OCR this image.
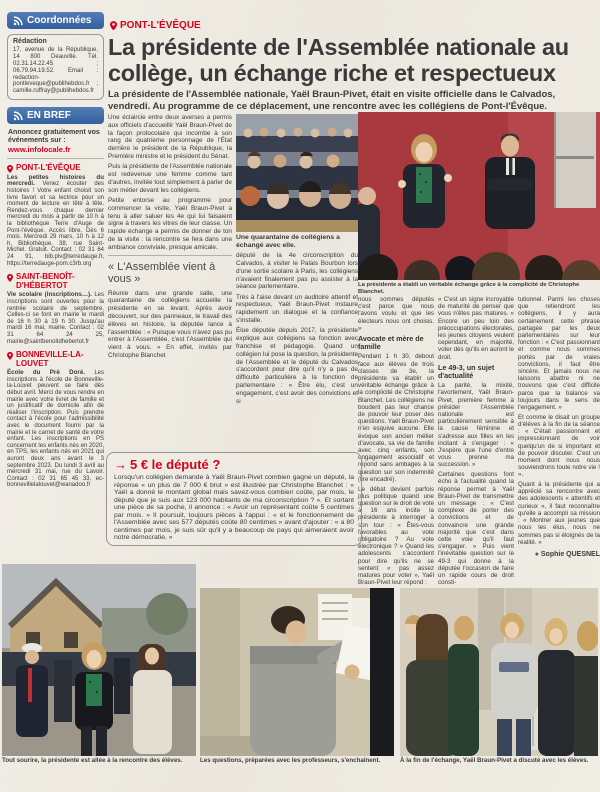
Coordonnées
Rédaction
17, avenue de la République, 14 800 Deauville. Tél. 02.31.14.22.45 ; 06.79.94.19.52. Email : redaction-pontleveque@publihebdos.fr ; camille.ruffray@publihebdos.fr
EN BREF
Annoncez gratuitement vos événements sur :
www.infolocale.fr
PONT-L'ÉVÊQUE

Les petites histoires du mercredi. Venez écouter des histoires ! Votre enfant choisit son livre favori et sa lectrice pour un moment de lecture en tête à tête. Rendez-vous chaque dernier mercredi du mois à partir de 10 h à la bibliothèque Terre d'Auge de Pont-l'évêque. Accès libre. Dès 6 mois. Mercredi 29 mars, 10 h à 12 h, Bibliothèque, 38, rue Saint-Michel. Gratuit. Contact : 02 31 64 24 91, bib.plv@terredauge.fr, https://terredauge-pom.c3rb.org

SAINT-BENOÎT-D'HÉBERTOT

Vie scolaire (inscriptions…). Les inscriptions sont ouvertes pour la rentrée scolaire de septembre. Celles-ci se font en mairie le mardi de 16 h 30 à 19 h 30. Jusqu'au mardi 16 mai, mairie. Contact : 02 31 64 24 25, mairie@saintbenoitdhebertot.fr

BONNEVILLE-LA-LOUVET

École du Pré Doré. Les inscriptions à l'école de Bonneville-la-Louvet peuvent se faire dès début avril. Merci de vous rendre en mairie avec votre livret de famille et un justificatif de domicile afin de réaliser l'inscription. Puis prendre contact à l'école pour l'admissibilité avec le document fourni par la mairie et le carnet de santé de votre enfant. Les inscriptions en PS concernent les enfants nés en 2020, en TPS, les enfants nés en 2021 qui auront deux ans avant le 3 septembre 2023. Du lundi 3 avril au mercredi 31 mai, rue du Lavoir. Contact : 02 31 65 45 33, ec-bonnevillelalouvet@wanadoo.fr

PONT-L'ÉVÊQUE
La présidente de l'Assemblée nationale au collège, un échange riche et respectueux
La présidente de l'Assemblée nationale, Yaël Braun-Pivet, était en visite officielle dans le Calvados, vendredi. Au programme de ce déplacement, une rencontre avec les collégiens de Pont-l'Évêque.

Une éclaircie entre deux averses a permis aux officiels d'accueillir Yaël Braun-Pivet de la façon protocolaire qui incombe à son rang de quatrième personnage de l'État derrière le président de la République, la Première ministre et le président du Sénat.

Puis la présidente de l'Assemblée nationale est redevenue une femme comme tant d'autres, invitée tout simplement à parler de son métier devant les collégiens.

Petite entorse au programme pour commencer la visite, Yaël Braun-Pivet a tenu à aller saluer les 4e qui lui faisaient signe à travers les vitres de leur classe. Un rapide échange a permis de donner de ton de la visite : la rencontre se fera dans une ambiance conviviale, presque amicale.

« L'Assemblée vient à vous »

Réunie dans une grande salle, une quarantaine de collégiens accueille la présidente en se levant. Après avoir découvert, sur des panneaux, le travail des élèves en histoire, la députée lance à l'assemblée : « Puisque vous n'avez pas pu entrer à l'Assemblée, c'est l'Assemblée qui vient à vous. » En effet, invités par Christophe Blanchet

Une quarantaine de collégiens a échangé avec elle.

député de la 4e circonscription du Calvados, à visiter le Palais Bourbon lors d'une sortie scolaire à Paris, les collégiens n'avaient finalement pas pu assister à la séance parlementaire.

Très à l'aise devant un auditoire attentif et respectueux, Yaël Braun-Pivet instaure rapidement un dialogue et la confiance s'installe.

Élue députée depuis 2017, la présidente explique aux collégiens sa fonction avec franchise et pédagogie. Quand un collégien lui pose la question, la présidente de l'Assemblée et le député du Calvados s'accordent pour dire qu'il n'y a pas de difficulté particulière à la fonction de parlementaire : « Être élu, c'est un engagement, c'est avoir des convictions et si

La présidente a établi un véritable échange grâce à la complicité de Christophe Blanchet.

nous sommes députés c'est parce que nous l'avons voulu et que les électeurs nous ont choisis. »

Avocate et mère de famille

Pendant 1 h 30, debout face aux élèves de trois classes de 3e, la présidente va établir un véritable échange grâce à la complicité de Christophe Blanchet. Les collégiens ne boudent pas leur chance de pouvoir leur poser des questions. Yaël Braun-Pivet n'en esquive aucune. Elle évoque son ancien métier d'avocate, sa vie de famille avec cinq enfants, son engagement associatif et répond sans ambages à la question sur son indemnité (lire encadré).

Le débat devient parfois plus politique quand une question sur le droit de vote à 16 ans incite la présidente à interroger à son tour : « Êtes-vous favorables au vote obligatoire ? Au vote électronique ? » Quand les adolescents s'accordent pour dire qu'ils ne se sentent « pas assez matures pour voter », Yaël Braun-Pivet leur répond :

« C'est un signe incroyable de maturité de penser que vous n'êtes pas matures. » Encore un peu loin des préoccupations électorales, les jeunes citoyens veulent cependant, en majorité, voter dès qu'ils en auront le droit.

Le 49-3, un sujet d'actualité

La parité, la mixité, l'avortement, Yaël Braun-Pivet, première femme à présider l'Assemblée nationale est particulièrement sensible à la cause féminine et s'adresse aux filles en les incitant à s'engager : « J'espère que l'une d'entre vous prenne ma succession. »

Certaines questions font écho à l'actualité quand la réponse permet à Yaël Braun-Pivet de transmettre un message : « C'est complexe de porter des convictions et de convaincre une grande majorité que c'est dans cette voie qu'il faut s'engager. » Puis vient l'inévitable question sur le 49-3 qui donne à la députée l'occasion de faire un rapide cours de droit consti-

tutionnel. Parmi les choses que retiendront les collégiens, il y aura certainement cette phrase partagée par les deux parlementaires sur leur fonction : « C'est passionnant et comme nous sommes portés par de vraies convictions, il faut être sincère. Et jamais nous ne laissons abattre ni ne trouvons que c'est difficile parce que la balance va toujours dans le sens de l'engagement. »

Et comme le disait un groupe d'élèves à la fin de la séance : « C'était passionnant et impressionnant de voir quelqu'un de si important et de pouvoir discuter. C'est un moment dont nous nous souviendrons toute notre vie ! ».

Quant à la présidente qui a apprécié sa rencontre avec des adolescents « attentifs et curieux », il faut reconnaître qu'elle a accompli sa mission : « Montrer aux jeunes que nous les élus, nous ne sommes pas si éloignés de la réalité. »

● Sophie QUESNEL
→ 5 € le député ?

Lorsqu'un collégien demande à Yaël Braun-Pivet combien gagne un député, la réponse « un plus de 7 000 € brut » est illustrée par Christophe Blanchet : « Yaël a donné le montant global mais savez-vous combien coûte, par mois, le député que je suis aux 123 000 habitants de ma circonscription ? ». Et sortant une pièce de sa poche, il annonce : « Avoir un représentant coûte 5 centimes par mois. » Il poursuit, toujours pièces à l'appui : « et le fonctionnement de l'Assemblée avec ses 577 députés coûte 80 centimes » avant d'ajouter : « a 80 centimes par mois, je suis sûr qu'il y a beaucoup de pays qui aimeraient avoir notre démocratie. »

Tout sourire, la présidente est allée à la rencontre des élèves.	Les questions, préparées avec les professeurs, s'enchaînent.	À la fin de l'échange, Yaël Braun-Pivet a discuté avec les élèves.
